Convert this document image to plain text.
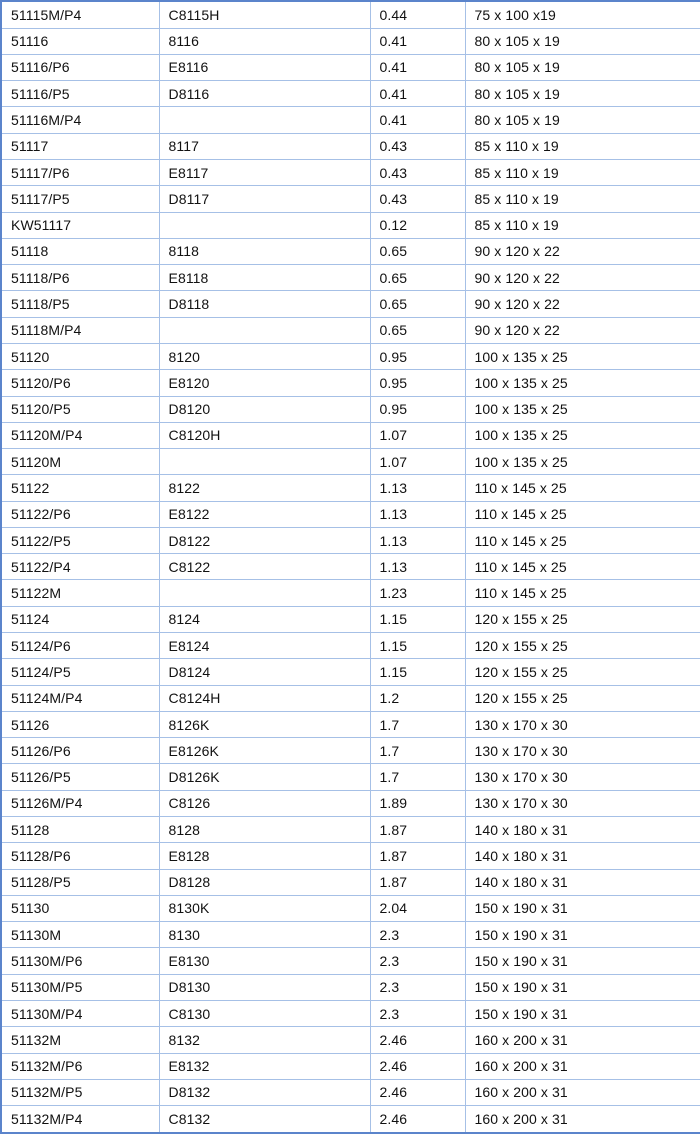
51115M/P4	C8115H	0.44	75 x 100 x19
51116	8116	0.41	80 x 105 x 19
51116/P6	E8116	0.41	80 x 105 x 19
51116/P5	D8116	0.41	80 x 105 x 19
51116M/P4		0.41	80 x 105 x 19
51117	8117	0.43	85 x 110 x 19
51117/P6	E8117	0.43	85 x 110 x 19
51117/P5	D8117	0.43	85 x 110 x 19
KW51117		0.12	85 x 110 x 19
51118	8118	0.65	90 x 120 x 22
51118/P6	E8118	0.65	90 x 120 x 22
51118/P5	D8118	0.65	90 x 120 x 22
51118M/P4		0.65	90 x 120 x 22
51120	8120	0.95	100 x 135 x 25
51120/P6	E8120	0.95	100 x 135 x 25
51120/P5	D8120	0.95	100 x 135 x 25
51120M/P4	C8120H	1.07	100 x 135 x 25
51120M		1.07	100 x 135 x 25
51122	8122	1.13	110 x 145 x 25
51122/P6	E8122	1.13	110 x 145 x 25
51122/P5	D8122	1.13	110 x 145 x 25
51122/P4	C8122	1.13	110 x 145 x 25
51122M		1.23	110 x 145 x 25
51124	8124	1.15	120 x 155 x 25
51124/P6	E8124	1.15	120 x 155 x 25
51124/P5	D8124	1.15	120 x 155 x 25
51124M/P4	C8124H	1.2	120 x 155 x 25
51126	8126K	1.7	130 x 170 x 30
51126/P6	E8126K	1.7	130 x 170 x 30
51126/P5	D8126K	1.7	130 x 170 x 30
51126M/P4	C8126	1.89	130 x 170 x 30
51128	8128	1.87	140 x 180 x 31
51128/P6	E8128	1.87	140 x 180 x 31
51128/P5	D8128	1.87	140 x 180 x 31
51130	8130K	2.04	150 x 190 x 31
51130M	8130	2.3	150 x 190 x 31
51130M/P6	E8130	2.3	150 x 190 x 31
51130M/P5	D8130	2.3	150 x 190 x 31
51130M/P4	C8130	2.3	150 x 190 x 31
51132M	8132	2.46	160 x 200 x 31
51132M/P6	E8132	2.46	160 x 200 x 31
51132M/P5	D8132	2.46	160 x 200 x 31
51132M/P4	C8132	2.46	160 x 200 x 31
